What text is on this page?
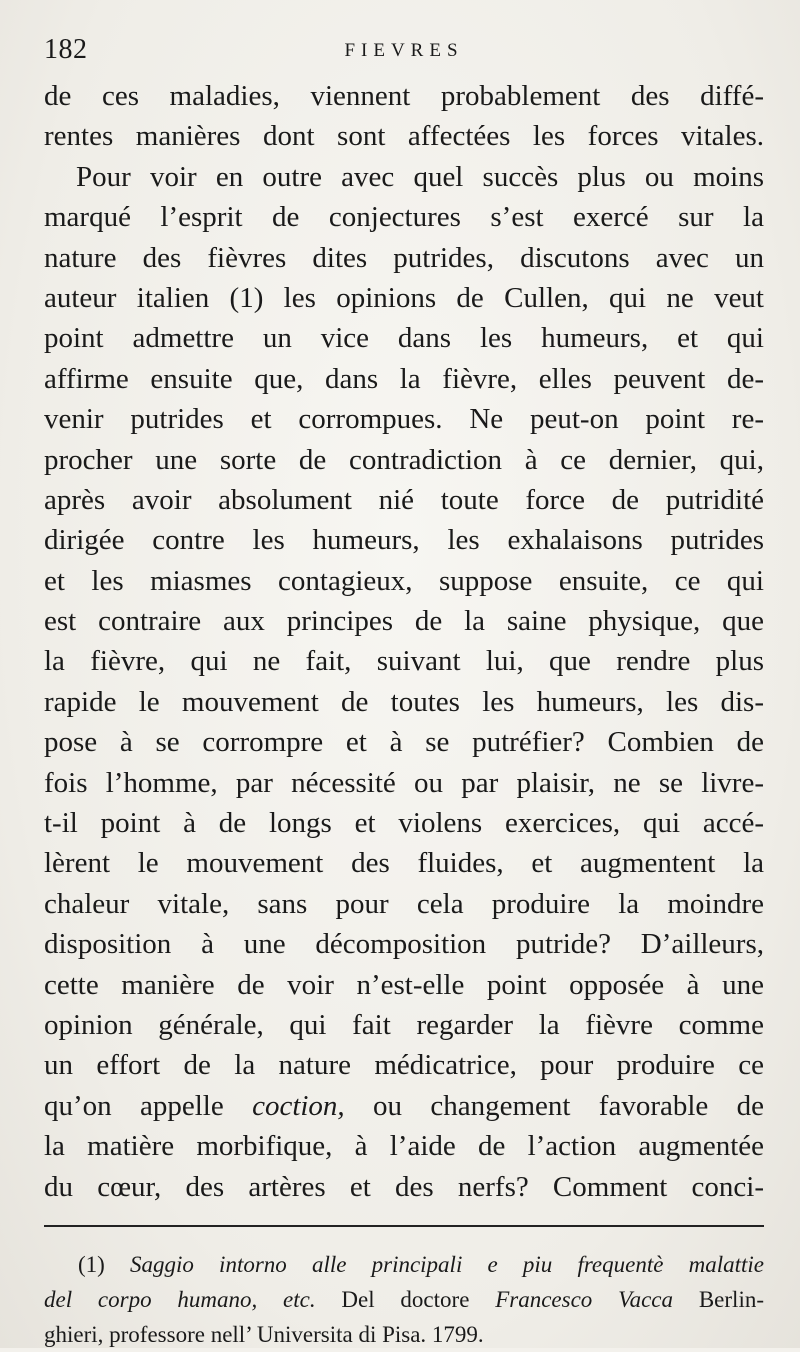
182	FIEVRES
de ces maladies, viennent probablement des diffé-
rentes manières dont sont affectées les forces vitales.
Pour voir en outre avec quel succès plus ou moins
marqué l’esprit de conjectures s’est exercé sur la
nature des fièvres dites putrides, discutons avec un
auteur italien (1) les opinions de Cullen, qui ne veut
point admettre un vice dans les humeurs, et qui
affirme ensuite que, dans la fièvre, elles peuvent de-
venir putrides et corrompues. Ne peut-on point re-
procher une sorte de contradiction à ce dernier, qui,
après avoir absolument nié toute force de putridité
dirigée contre les humeurs, les exhalaisons putrides
et les miasmes contagieux, suppose ensuite, ce qui
est contraire aux principes de la saine physique, que
la fièvre, qui ne fait, suivant lui, que rendre plus
rapide le mouvement de toutes les humeurs, les dis-
pose à se corrompre et à se putréfier? Combien de
fois l’homme, par nécessité ou par plaisir, ne se livre-
t-il point à de longs et violens exercices, qui accé-
lèrent le mouvement des fluides, et augmentent la
chaleur vitale, sans pour cela produire la moindre
disposition à une décomposition putride? D’ailleurs,
cette manière de voir n’est-elle point opposée à une
opinion générale, qui fait regarder la fièvre comme
un effort de la nature médicatrice, pour produire ce
qu’on appelle coction, ou changement favorable de
la matière morbifique, à l’aide de l’action augmentée
du cœur, des artères et des nerfs? Comment conci-
(1) Saggio intorno alle principali e piu frequentè malattie
del corpo humano, etc. Del doctore Francesco Vacca Berlin-
ghieri, professore nell’ Universita di Pisa. 1799.
